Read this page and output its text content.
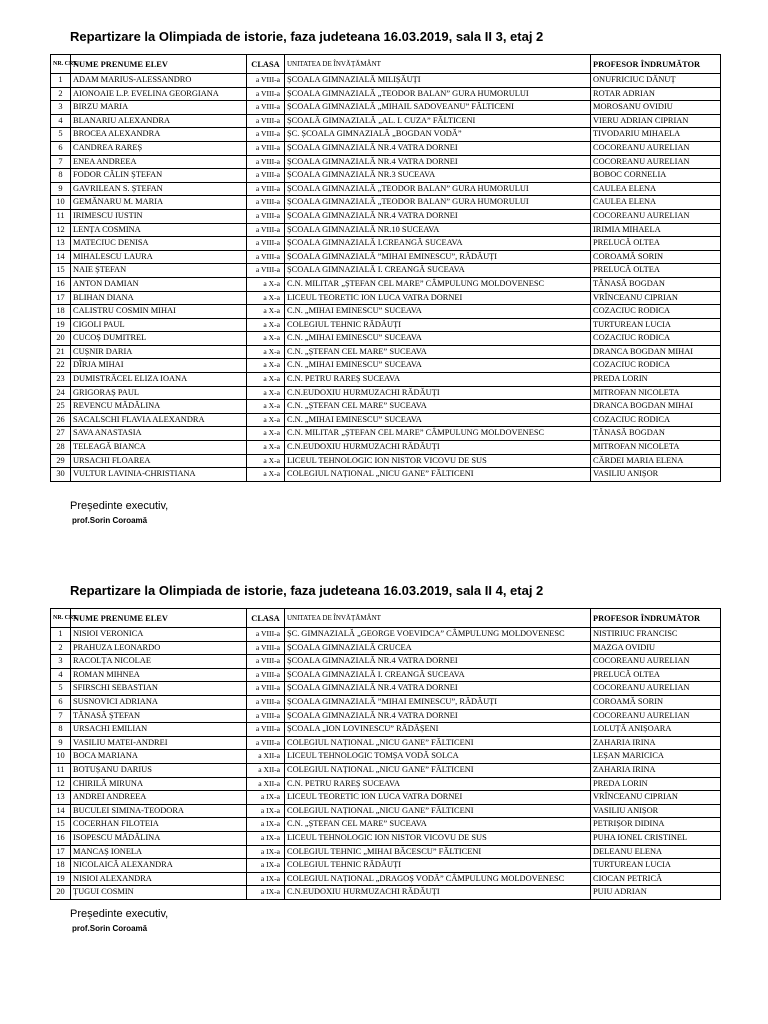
Repartizare la Olimpiada de istorie, faza judeteana 16.03.2019, sala II 3, etaj 2

NR. CRT	NUME PRENUME ELEV	CLASA	UNITATEA DE ÎNVĂȚĂMÂNT	PROFESOR ÎNDRUMĂTOR
1	ADAM MARIUS-ALESSANDRO	a VIII-a	ȘCOALA GIMNAZIALĂ MILIȘĂUȚI	ONUFRICIUC DĂNUȚ
2	AIONOAIE L.P. EVELINA GEORGIANA	a VIII-a	ȘCOALA GIMNAZIALĂ „TEODOR BALAN” GURA HUMORULUI	ROTAR ADRIAN
3	BIRZU MARIA	a VIII-a	ȘCOALA GIMNAZIALĂ „MIHAIL SADOVEANU” FĂLTICENI	MOROSANU OVIDIU
4	BLANARIU ALEXANDRA	a VIII-a	ȘCOALĂ GIMNAZIALĂ „AL. I. CUZA” FĂLTICENI	VIERU ADRIAN CIPRIAN
5	BROCEA ALEXANDRA	a VIII-a	ȘC. ȘCOALA GIMNAZIALĂ „BOGDAN VODĂ”	TIVODARIU MIHAELA
6	CANDREA RAREȘ	a VIII-a	ȘCOALA GIMNAZIALĂ NR.4 VATRA DORNEI	COCOREANU AURELIAN
7	ENEA ANDREEA	a VIII-a	ȘCOALA GIMNAZIALĂ NR.4 VATRA DORNEI	COCOREANU AURELIAN
8	FODOR CĂLIN ȘTEFAN	a VIII-a	ȘCOALA GIMNAZIALĂ NR.3 SUCEAVA	BOBOC CORNELIA
9	GAVRILEAN S. ȘTEFAN	a VIII-a	ȘCOALA GIMNAZIALĂ „TEODOR BALAN” GURA HUMORULUI	CAULEA ELENA
10	GEMĂNARU M. MARIA	a VIII-a	ȘCOALA GIMNAZIALĂ „TEODOR BALAN” GURA HUMORULUI	CAULEA ELENA
11	IRIMESCU IUSTIN	a VIII-a	ȘCOALA GIMNAZIALĂ NR.4 VATRA DORNEI	COCOREANU AURELIAN
12	LENȚA COSMINA	a VIII-a	ȘCOALA GIMNAZIALĂ NR.10 SUCEAVA	IRIMIA MIHAELA
13	MATECIUC DENISA	a VIII-a	ȘCOALA GIMNAZIALĂ I.CREANGĂ SUCEAVA	PRELUCĂ OLTEA
14	MIHALESCU LAURA	a VIII-a	ȘCOALA GIMNAZIALĂ ”MIHAI EMINESCU”, RĂDĂUȚI	COROAMĂ SORIN
15	NAIE ȘTEFAN	a VIII-a	ȘCOALA GIMNAZIALĂ I. CREANGĂ SUCEAVA	PRELUCĂ OLTEA
16	ANTON DAMIAN	a X-a	C.N. MILITAR „ȘTEFAN CEL MARE” CÂMPULUNG MOLDOVENESC	TĂNASĂ BOGDAN
17	BLIHAN DIANA	a X-a	LICEUL TEORETIC ION LUCA VATRA DORNEI	VRÎNCEANU CIPRIAN
18	CALISTRU COSMIN MIHAI	a X-a	C.N. „MIHAI EMINESCU” SUCEAVA	COZACIUC RODICA
19	CIGOLI PAUL	a X-a	COLEGIUL TEHNIC RĂDĂUȚI	TURTUREAN LUCIA
20	CUCOȘ DUMITREL	a X-a	C.N. „MIHAI EMINESCU” SUCEAVA	COZACIUC RODICA
21	CUȘNIR DARIA	a X-a	C.N. „ȘTEFAN CEL MARE” SUCEAVA	DRANCA BOGDAN MIHAI
22	DÎRJA MIHAI	a X-a	C.N. „MIHAI EMINESCU” SUCEAVA	COZACIUC RODICA
23	DUMISTRĂCEL ELIZA IOANA	a X-a	C.N. PETRU RAREȘ SUCEAVA	PREDA LORIN
24	GRIGORAȘ PAUL	a X-a	C.N.EUDOXIU HURMUZACHI RĂDĂUȚI	MITROFAN NICOLETA
25	REVENCU MĂDĂLINA	a X-a	C.N. „ȘTEFAN CEL MARE” SUCEAVA	DRANCA BOGDAN MIHAI
26	SACALSCHI FLAVIA ALEXANDRA	a X-a	C.N. „MIHAI EMINESCU” SUCEAVA	COZACIUC RODICA
27	SAVA ANASTASIA	a X-a	C.N. MILITAR „ȘTEFAN CEL MARE” CÂMPULUNG MOLDOVENESC	TĂNASĂ BOGDAN
28	TELEAGĂ BIANCA	a X-a	C.N.EUDOXIU HURMUZACHI RĂDĂUȚI	MITROFAN NICOLETA
29	URSACHI FLOAREA	a X-a	LICEUL TEHNOLOGIC ION NISTOR VICOVU DE SUS	CĂRDEI MARIA ELENA
30	VULTUR LAVINIA-CHRISTIANA	a X-a	COLEGIUL NAȚIONAL „NICU GANE” FĂLTICENI	VASILIU ANIȘOR

Președinte executiv,

prof.Sorin Coroamă

Repartizare la Olimpiada de istorie, faza judeteana 16.03.2019, sala II 4, etaj 2

NR. CRT	NUME PRENUME ELEV	CLASA	UNITATEA DE ÎNVĂȚĂMÂNT	PROFESOR ÎNDRUMĂTOR
1	NISIOI VERONICA	a VIII-a	ȘC. GIMNAZIALĂ „GEORGE VOEVIDCA” CÂMPULUNG MOLDOVENESC	NISTIRIUC FRANCISC
2	PRAHUZA LEONARDO	a VIII-a	ȘCOALA GIMNAZIALĂ CRUCEA	MAZGA OVIDIU
3	RACOLȚA NICOLAE	a VIII-a	ȘCOALA GIMNAZIALĂ NR.4 VATRA DORNEI	COCOREANU AURELIAN
4	ROMAN MIHNEA	a VIII-a	ȘCOALA GIMNAZIALĂ I. CREANGĂ SUCEAVA	PRELUCĂ OLTEA
5	SFIRSCHI SEBASTIAN	a VIII-a	ȘCOALA GIMNAZIALĂ NR.4 VATRA DORNEI	COCOREANU AURELIAN
6	SUSNOVICI ADRIANA	a VIII-a	ȘCOALA GIMNAZIALĂ ”MIHAI EMINESCU”, RĂDĂUȚI	COROAMĂ SORIN
7	TĂNASĂ ȘTEFAN	a VIII-a	ȘCOALA GIMNAZIALĂ NR.4 VATRA DORNEI	COCOREANU AURELIAN
8	URSACHI EMILIAN	a VIII-a	ȘCOALA „ION LOVINESCU” RĂDĂȘENI	LOLUȚĂ ANIȘOARA
9	VASILIU MATEI-ANDREI	a VIII-a	COLEGIUL NAȚIONAL „NICU GANE” FĂLTICENI	ZAHARIA IRINA
10	BOCA MARIANA	a XII-a	LICEUL TEHNOLOGIC TOMȘA VODĂ SOLCA	LEȘAN MARICICA
11	BOTUȘANU DARIUS	a XII-a	COLEGIUL NAȚIONAL „NICU GANE” FĂLTICENI	ZAHARIA IRINA
12	CHIRILĂ MIRUNA	a XII-a	C.N. PETRU RAREȘ SUCEAVA	PREDA LORIN
13	ANDREI ANDREEA	a IX-a	LICEUL TEORETIC ION LUCA VATRA DORNEI	VRÎNCEANU CIPRIAN
14	BUCULEI SIMINA-TEODORA	a IX-a	COLEGIUL NAȚIONAL „NICU GANE” FĂLTICENI	VASILIU ANIȘOR
15	COCERHAN FILOTEIA	a IX-a	C.N. „ȘTEFAN CEL MARE” SUCEAVA	PETRIȘOR DIDINA
16	ISOPESCU MĂDĂLINA	a IX-a	LICEUL TEHNOLOGIC ION NISTOR VICOVU DE SUS	PUHA IONEL CRISTINEL
17	MANCAȘ IONELA	a IX-a	COLEGIUL TEHNIC „MIHAI BĂCESCU” FĂLTICENI	DELEANU ELENA
18	NICOLAICĂ ALEXANDRA	a IX-a	COLEGIUL TEHNIC RĂDĂUȚI	TURTUREAN LUCIA
19	NISIOI ALEXANDRA	a IX-a	COLEGIUL NAȚIONAL „DRAGOȘ VODĂ” CÂMPULUNG MOLDOVENESC	CIOCAN PETRICĂ
20	ȚUGUI COSMIN	a IX-a	C.N.EUDOXIU HURMUZACHI RĂDĂUȚI	PUIU ADRIAN

Președinte executiv,

prof.Sorin Coroamă
